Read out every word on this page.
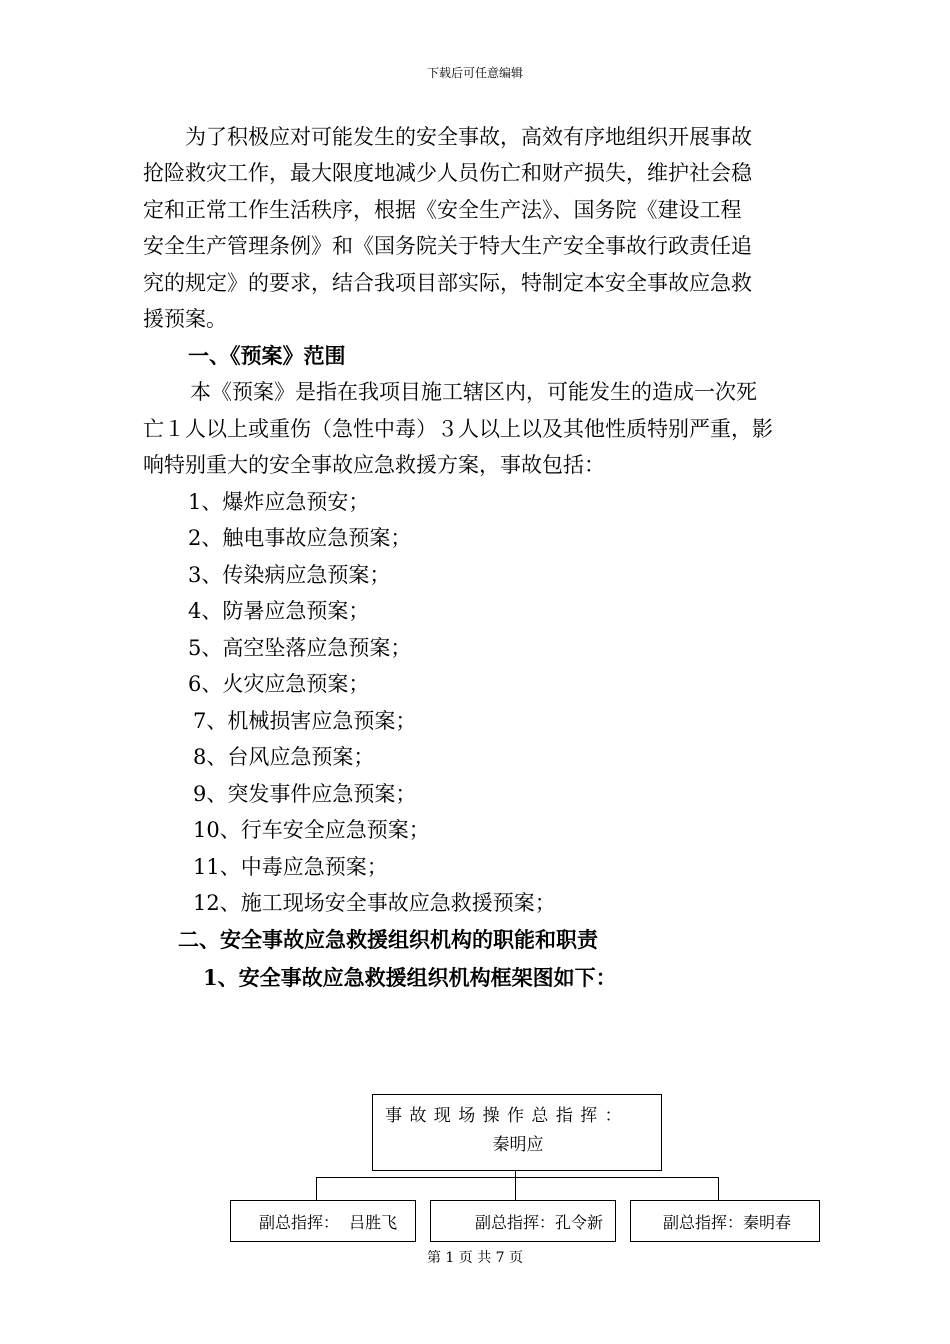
下载后可任意编辑
　　为了积极应对可能发生的安全事故，高效有序地组织开展事故
抢险救灾工作，最大限度地减少人员伤亡和财产损失，维护社会稳
定和正常工作生活秩序，根据《安全生产法》、国务院《建设工程
安全生产管理条例》和《国务院关于特大生产安全事故行政责任追
究的规定》的要求，结合我项目部实际，特制定本安全事故应急救
援预案。
一、《预案》范围
本《预案》是指在我项目施工辖区内，可能发生的造成一次死
亡１人以上或重伤（急性中毒）３人以上以及其他性质特别严重，影
响特别重大的安全事故应急救援方案，事故包括：
1、爆炸应急预安；
2、触电事故应急预案；
3、传染病应急预案；
4、防暑应急预案；
5、高空坠落应急预案；
6、火灾应急预案；
7、机械损害应急预案；
8、台风应急预案；
9、突发事件应急预案；
10、行车安全应急预案；
11、中毒应急预案；
12、施工现场安全事故应急救援预案；
二、安全事故应急救援组织机构的职能和职责
1、安全事故应急救援组织机构框架图如下：
事 故 现 场 操 作 总 指 挥 ：
秦明应
副总指挥：  吕胜飞	副总指挥：孔令新	副总指挥：秦明春
第 1 页 共 7 页
